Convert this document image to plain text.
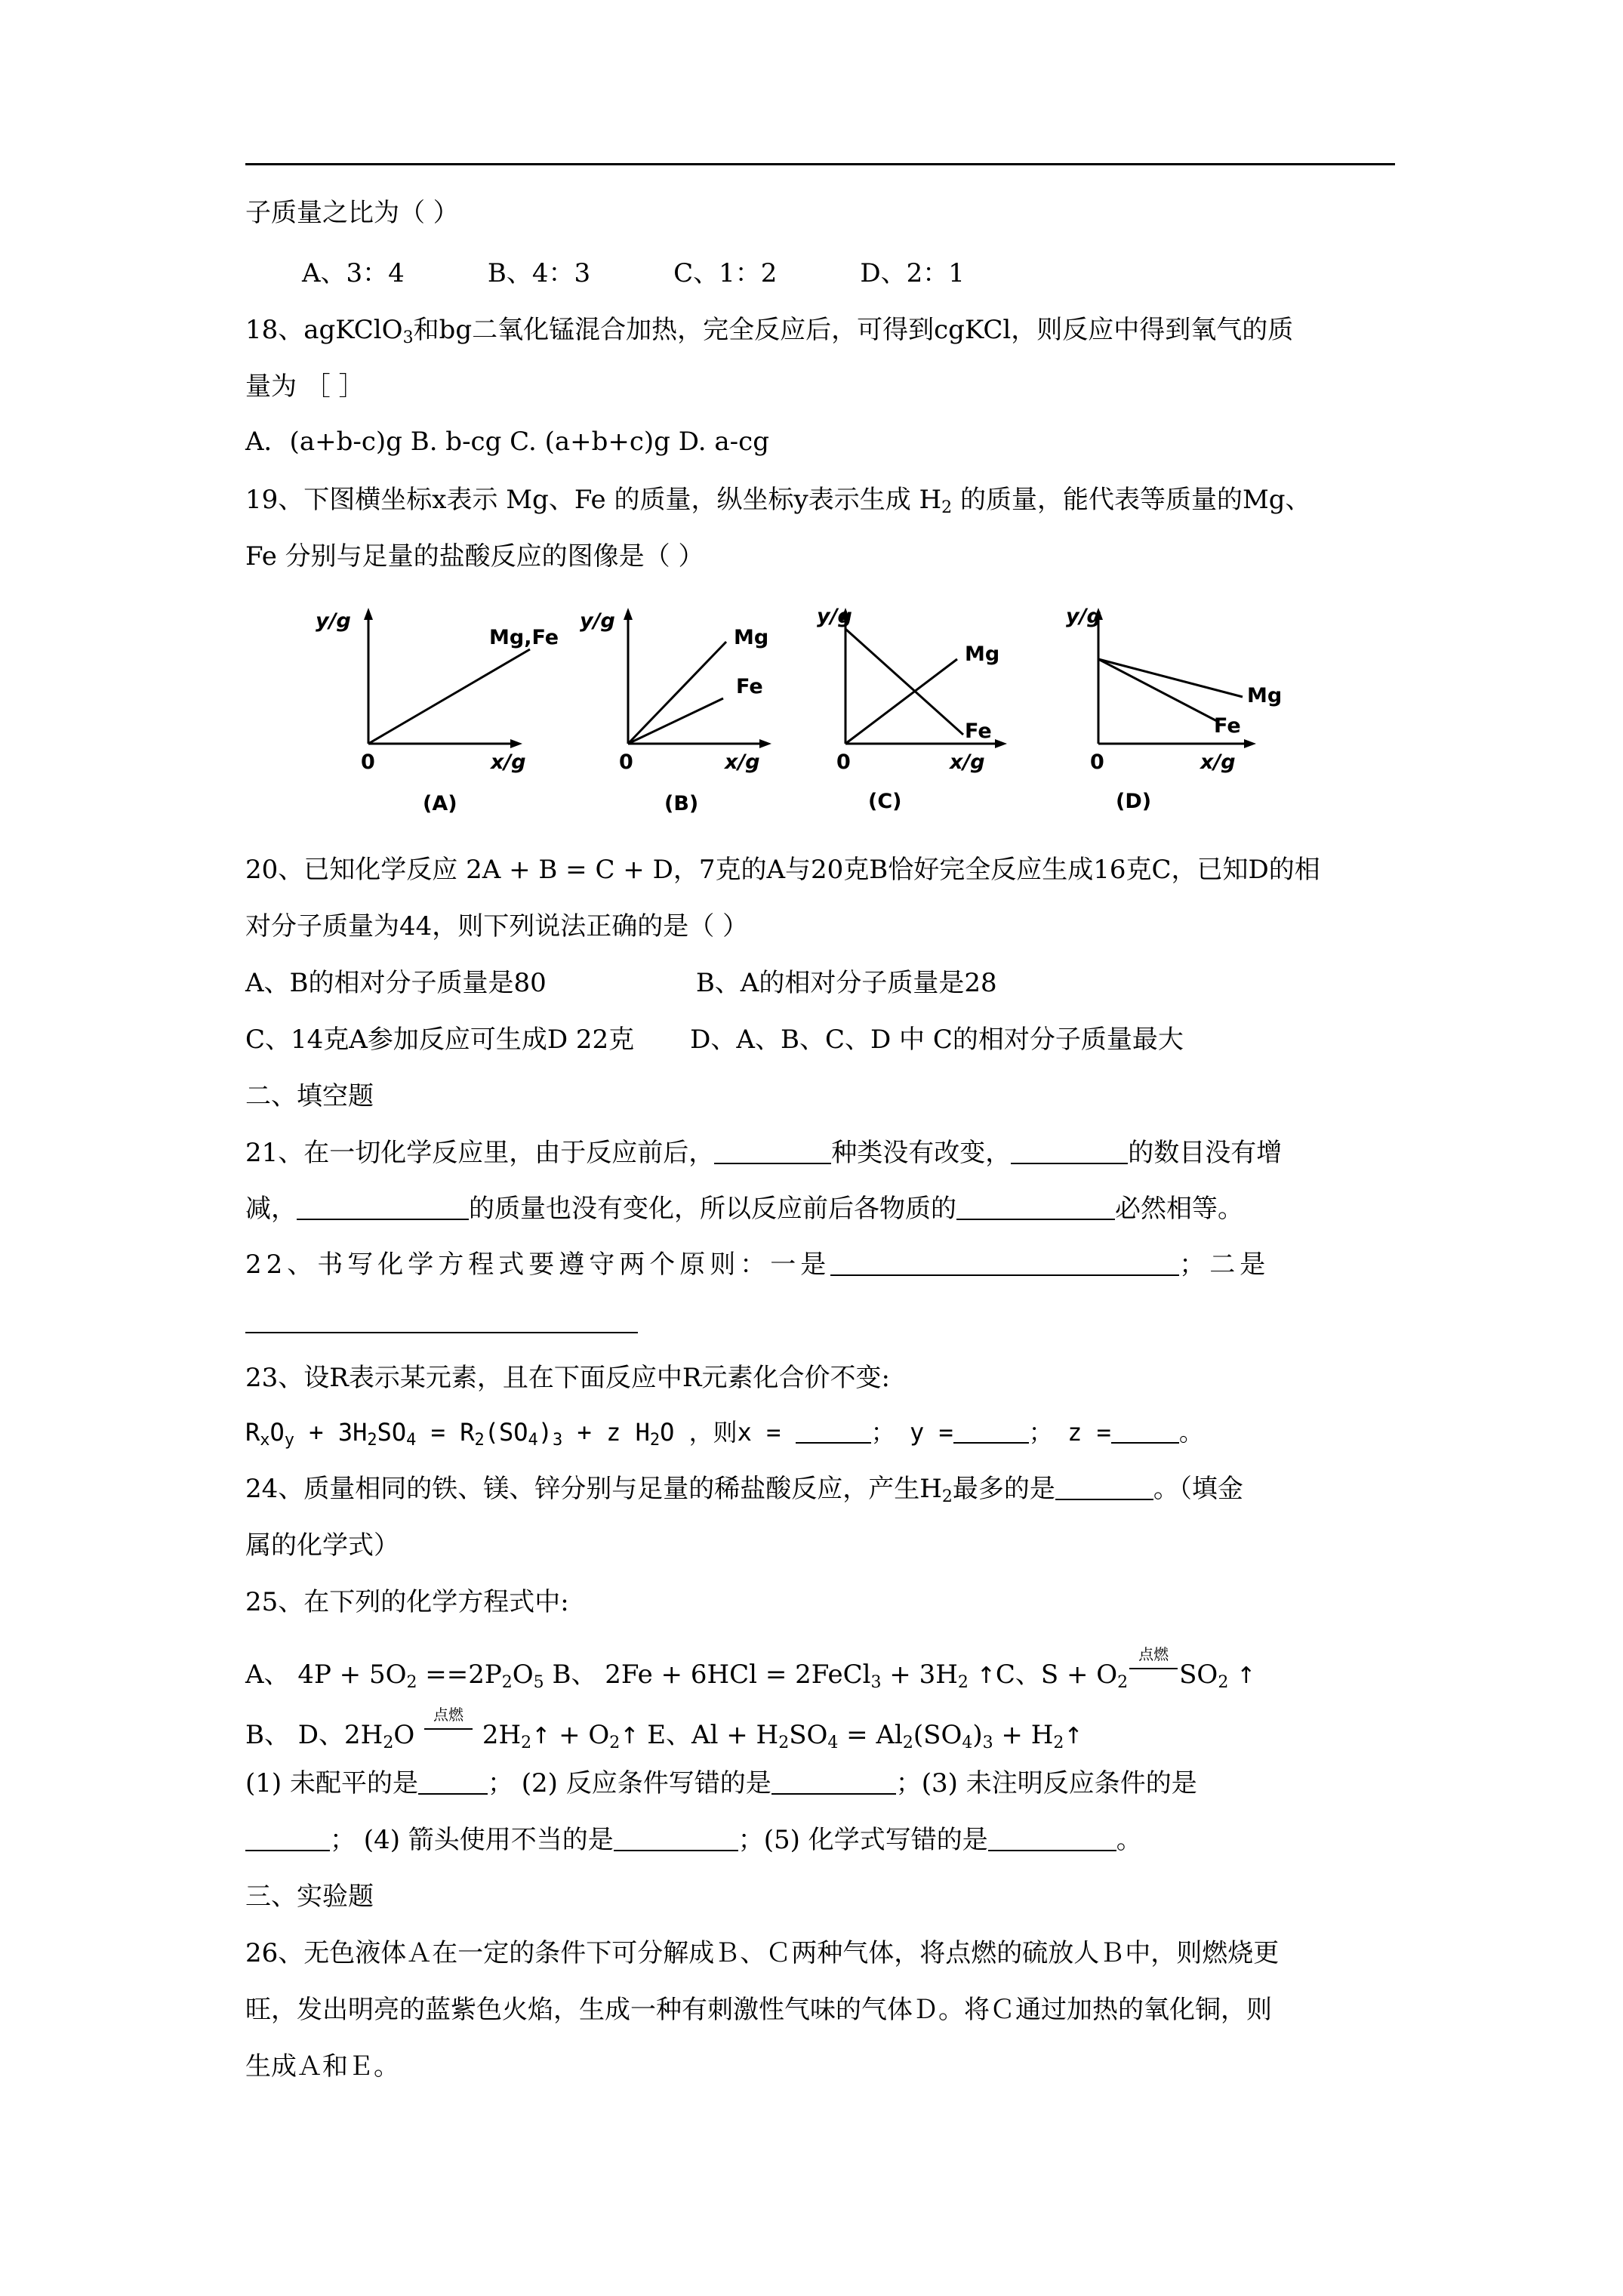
子质量之比为（ ）
A、3：4	B、4：3	C、1：2	D、2：1
18、agKClO$_3$和bg二氧化锰混合加热，完全反应后，可得到cgKCl，则反应中得到氧气的质
量为 ［ ］
A．(a+b-c)g B. b-cg C. (a+b+c)g D. a-cg
19、下图横坐标x表示 Mg、Fe 的质量，纵坐标y表示生成 $H_2$ 的质量，能代表等质量的Mg、
Fe 分别与足量的盐酸反应的图像是（ ）
y/g
0	x/g
Mg,Fe
(A)
y/g
0	x/g
Mg
Fe
(B)
y/g
0	x/g
Mg
Fe
(C)
y/g
0	x/g
Mg
Fe
(D)
20、已知化学反应 2A + B = C + D，7克的A与20克B恰好完全反应生成16克C，已知D的相
对分子质量为44，则下列说法正确的是（ ）
A、B的相对分子质量是80	B、A的相对分子质量是28
C、14克A参加反应可生成D 22克 D、A、B、C、D 中 C的相对分子质量最大
二、填空题
21、在一切化学反应里，由于反应前后，	种类没有改变，	的数目没有增
减，	的质量也没有变化，所以反应前后各物质的	必然相等。
22、书写化学方程式要遵守两个原则：一是	；二是
23、设R表示某元素，且在下面反应中R元素化合价不变:
$R_xO_y + 3H_2SO_4 = R_2(SO_4)_3 + z$ $H_2O$ ，则x =	； y =	； z =	。
24、质量相同的铁、镁、锌分别与足量的稀盐酸反应，产生$H_2$最多的是	。（填金
属的化学式）
25、在下列的化学方程式中:
A、 $4P + 5O_2 ==2P_2O_5$ B、 2Fe + 6HCl = 2FeCl$_3$ + $3H_2$ ↑C、$S + O_2$
点燃
$SO_2$ ↑
B、 D、$2H_2O$
点燃
$2H_2↑$ + $O_2↑$ E、$Al + H_2SO_4 = Al_2(SO_4)_3$ + $H_2↑$
(1) 未配平的是	； (2) 反应条件写错的是	；(3) 未注明反应条件的是
； (4) 箭头使用不当的是	；(5) 化学式写错的是	。
三、实验题
26、无色液体Ａ在一定的条件下可分解成Ｂ、Ｃ两种气体，将点燃的硫放人Ｂ中，则燃烧更
旺，发出明亮的蓝紫色火焰，生成一种有刺激性气味的气体Ｄ。将Ｃ通过加热的氧化铜，则
生成Ａ和Ｅ。
